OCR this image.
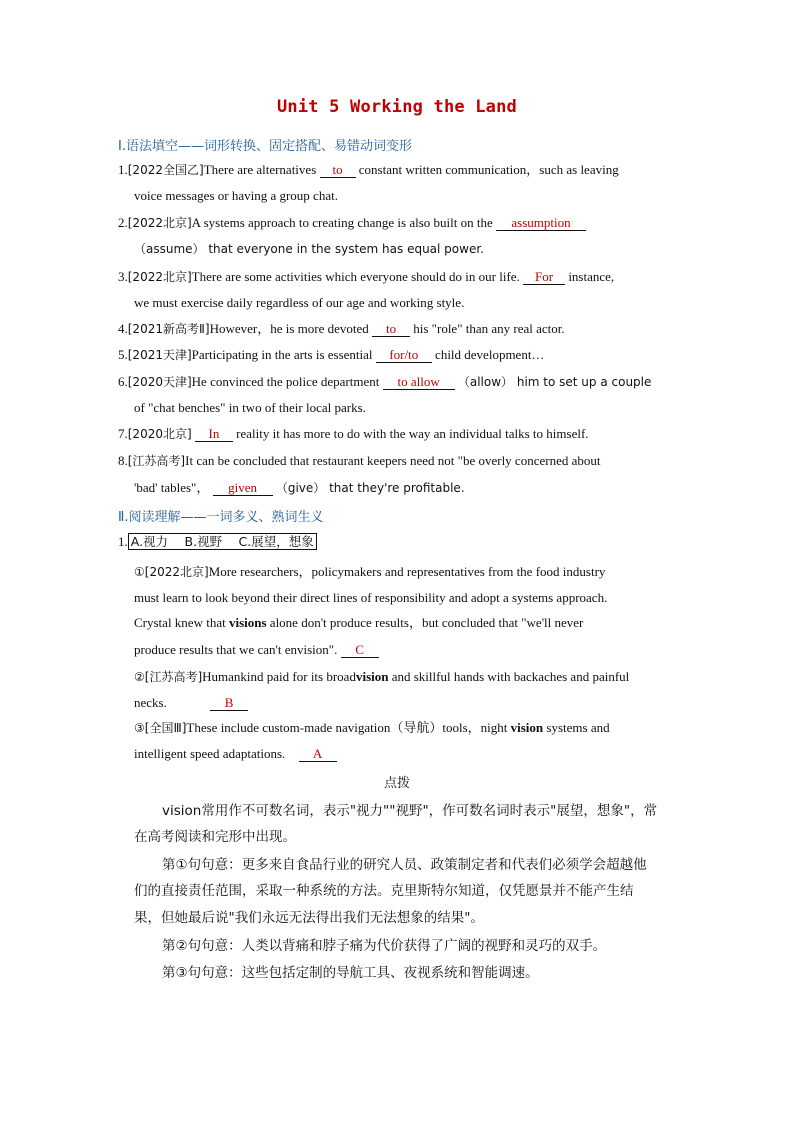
Unit 5 Working the Land
Ⅰ.语法填空——词形转换、固定搭配、易错动词变形
1.[2022全国乙]There are alternatives to constant written communication，such as leaving
voice messages or having a group chat.
2.[2022北京]A systems approach to creating change is also built on the assumption
（assume） that everyone in the system has equal power.
3.[2022北京]There are some activities which everyone should do in our life. For instance,
we must exercise daily regardless of our age and working style.
4.[2021新高考Ⅱ]However，he is more devoted to his "role" than any real actor.
5.[2021天津]Participating in the arts is essential for/to child development…
6.[2020天津]He convinced the police department to allow （allow） him to set up a couple
of "chat benches" in two of their local parks.
7.[2020北京] In reality it has more to do with the way an individual talks to himself.
8.[江苏高考]It can be concluded that restaurant keepers need not "be overly concerned about
'bad' tables"， given （give） that they're profitable.
Ⅱ.阅读理解——一词多义、熟词生义
1. A.视力　 B.视野　 C.展望，想象
①[2022北京]More researchers，policymakers and representatives from the food industry
must learn to look beyond their direct lines of responsibility and adopt a systems approach.
Crystal knew that visions alone don't produce results，but concluded that "we'll never
produce results that we can't envision". C
②[江苏高考]Humankind paid for its broadvision and skillful hands with backaches and painful
necks.	B
③[全国Ⅲ]These include custom-made navigation（导航）tools，night vision systems and
intelligent speed adaptations. A
点拨
vision常用作不可数名词，表示"视力""视野"，作可数名词时表示"展望，想象"，常
在高考阅读和完形中出现。
第①句句意：更多来自食品行业的研究人员、政策制定者和代表们必须学会超越他
们的直接责任范围，采取一种系统的方法。克里斯特尔知道，仅凭愿景并不能产生结
果，但她最后说"我们永远无法得出我们无法想象的结果"。
第②句句意：人类以背痛和脖子痛为代价获得了广阔的视野和灵巧的双手。
第③句句意：这些包括定制的导航工具、夜视系统和智能调速。
